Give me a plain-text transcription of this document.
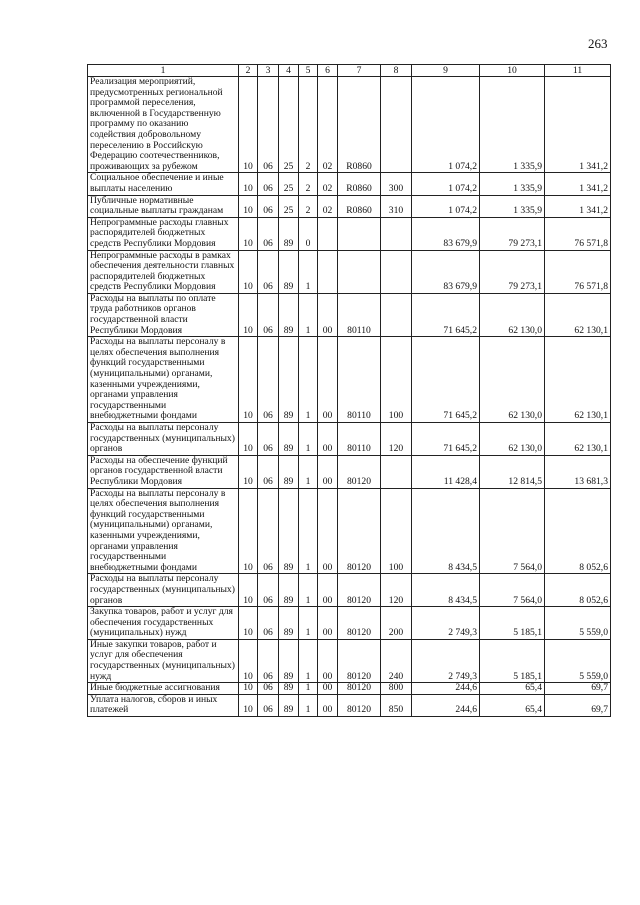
263
1	2	3	4	5	6	7	8	9	10	11
Реализация мероприятий, предусмотренных региональной программой переселения, включенной в Государственную программу по оказанию содействия добровольному переселению в Российскую Федерацию соотечественников, проживающих за рубежом	10	06	25	2	02	R0860		1 074,2	1 335,9	1 341,2
Социальное обеспечение и иные выплаты населению	10	06	25	2	02	R0860	300	1 074,2	1 335,9	1 341,2
Публичные нормативные социальные выплаты гражданам	10	06	25	2	02	R0860	310	1 074,2	1 335,9	1 341,2
Непрограммные расходы главных распорядителей бюджетных средств Республики Мордовия	10	06	89	0				83 679,9	79 273,1	76 571,8
Непрограммные расходы в рамках обеспечения деятельности главных распорядителей бюджетных средств Республики Мордовия	10	06	89	1				83 679,9	79 273,1	76 571,8
Расходы на выплаты по оплате труда работников органов государственной власти Республики Мордовия	10	06	89	1	00	80110		71 645,2	62 130,0	62 130,1
Расходы на выплаты персоналу в целях обеспечения выполнения функций государственными (муниципальными) органами, казенными учреждениями, органами управления государственными внебюджетными фондами	10	06	89	1	00	80110	100	71 645,2	62 130,0	62 130,1
Расходы на выплаты персоналу государственных (муниципальных) органов	10	06	89	1	00	80110	120	71 645,2	62 130,0	62 130,1
Расходы на обеспечение функций органов государственной власти Республики Мордовия	10	06	89	1	00	80120		11 428,4	12 814,5	13 681,3
Расходы на выплаты персоналу в целях обеспечения выполнения функций государственными (муниципальными) органами, казенными учреждениями, органами управления государственными внебюджетными фондами	10	06	89	1	00	80120	100	8 434,5	7 564,0	8 052,6
Расходы на выплаты персоналу государственных (муниципальных) органов	10	06	89	1	00	80120	120	8 434,5	7 564,0	8 052,6
Закупка товаров, работ и услуг для обеспечения государственных (муниципальных) нужд	10	06	89	1	00	80120	200	2 749,3	5 185,1	5 559,0
Иные закупки товаров, работ и услуг для обеспечения государственных (муниципальных) нужд	10	06	89	1	00	80120	240	2 749,3	5 185,1	5 559,0
Иные бюджетные ассигнования	10	06	89	1	00	80120	800	244,6	65,4	69,7
Уплата налогов, сборов и иных платежей	10	06	89	1	00	80120	850	244,6	65,4	69,7
